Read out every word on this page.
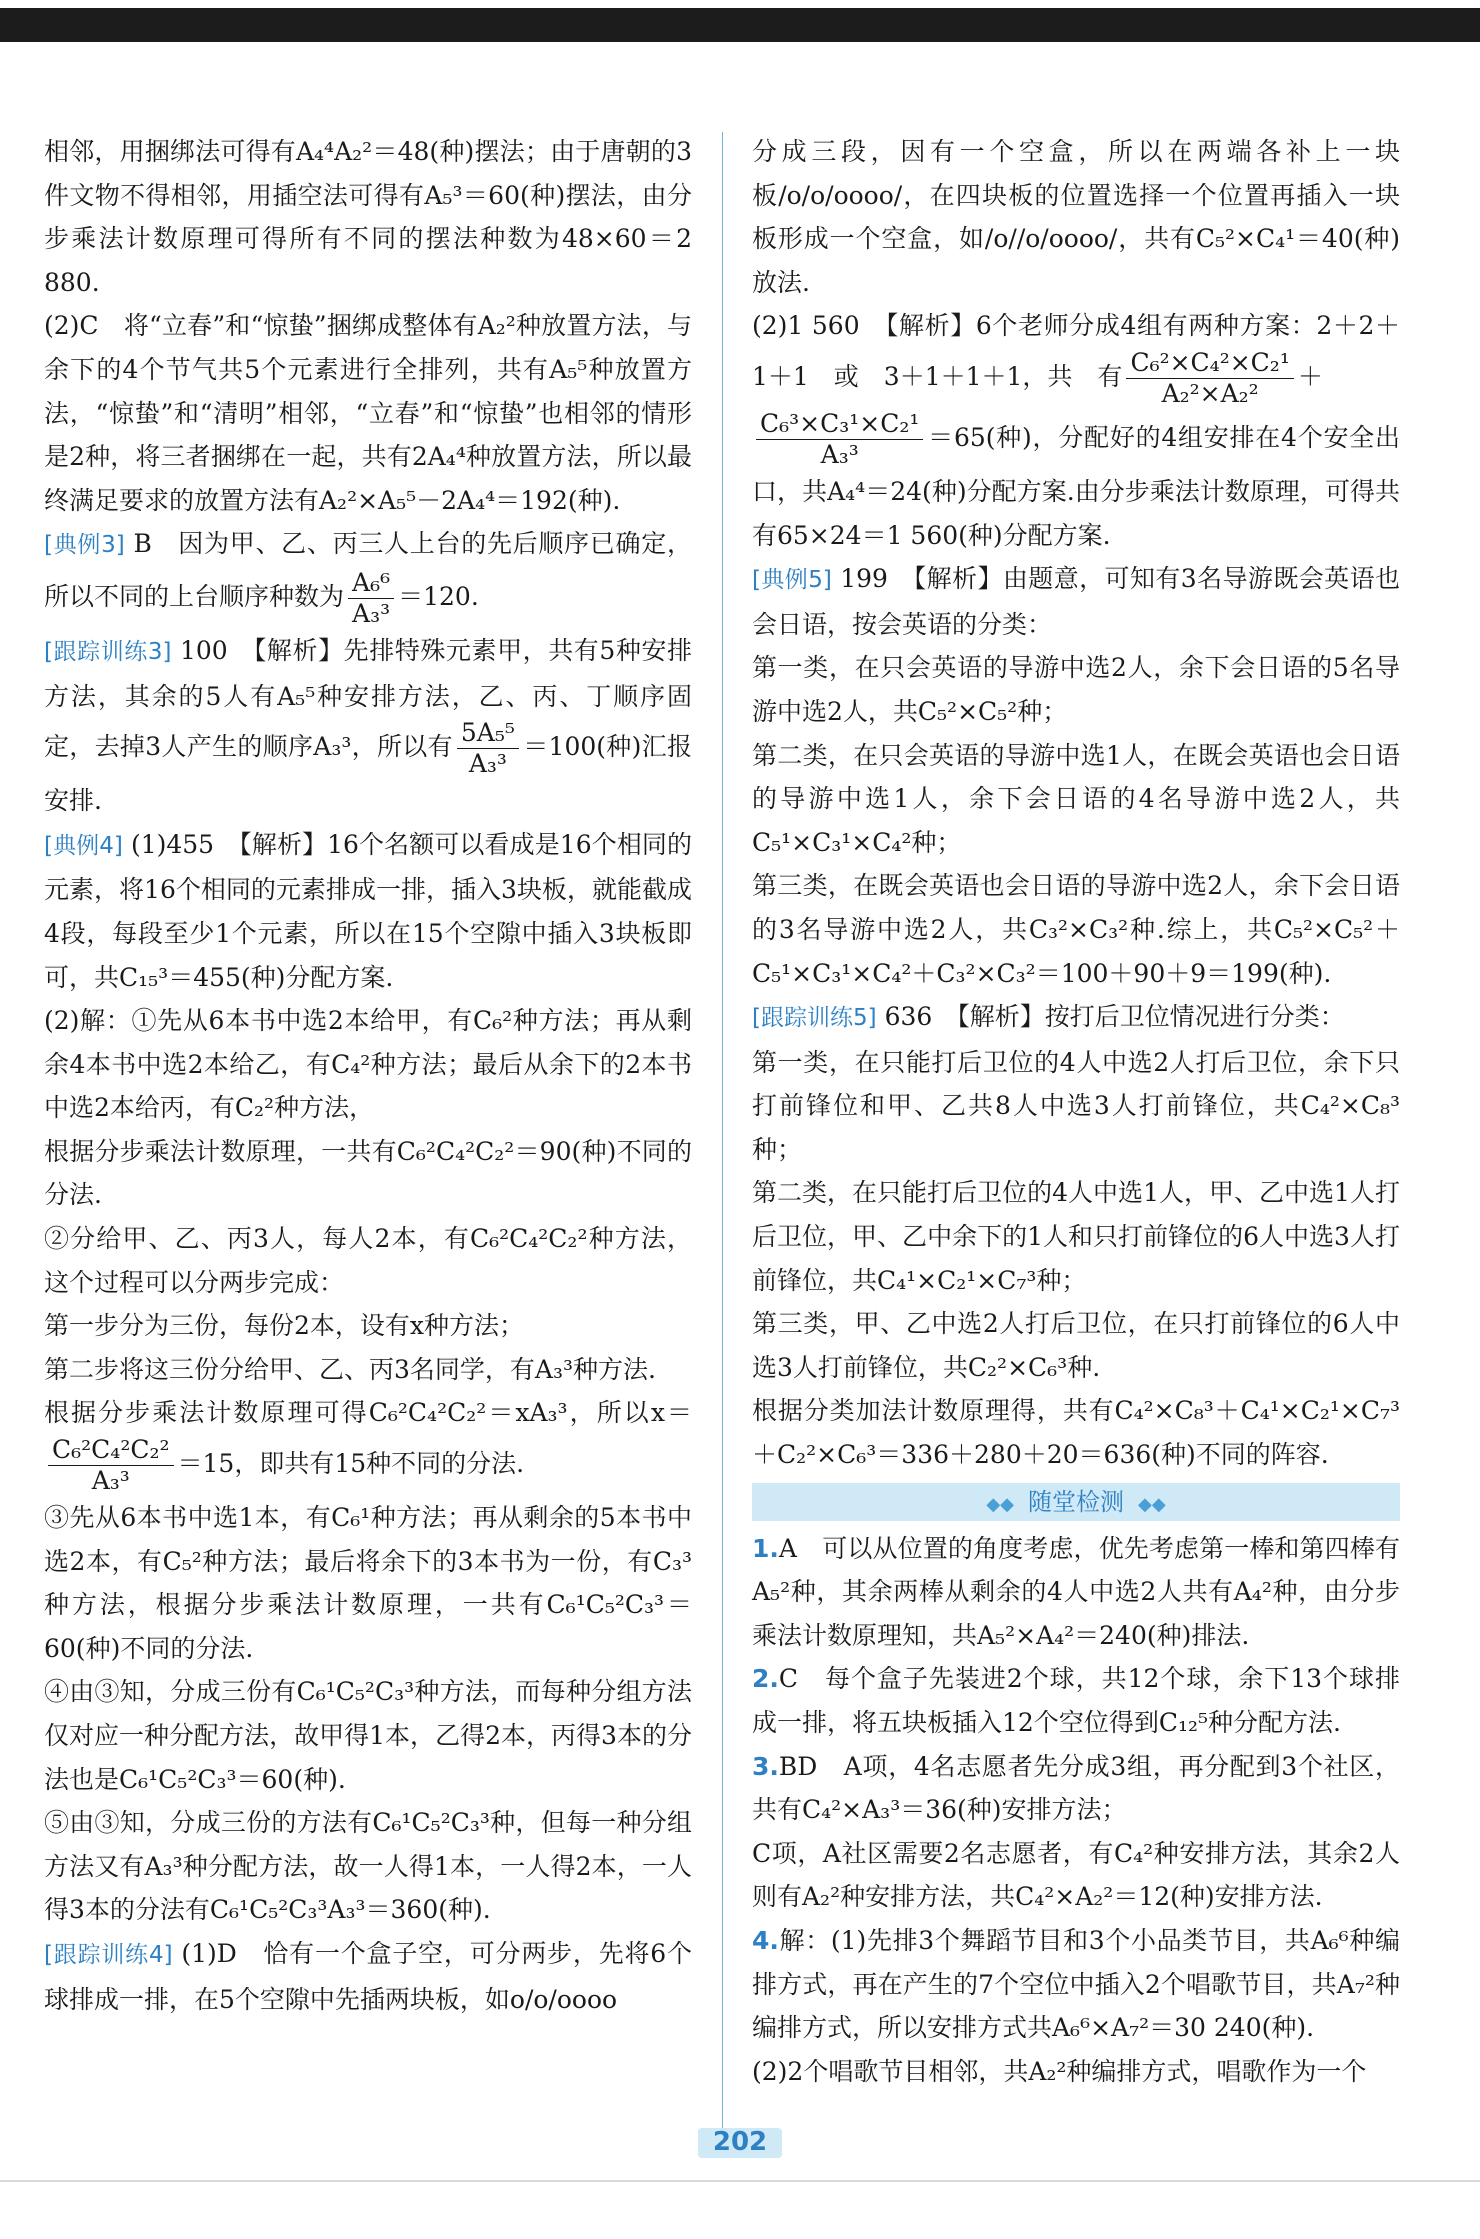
相邻，用捆绑法可得有A₄⁴A₂²＝48(种)摆法；由于唐朝的3件文物不得相邻，用插空法可得有A₅³＝60(种)摆法，由分步乘法计数原理可得所有不同的摆法种数为48×60＝2 880.

(2)C　将“立春”和“惊蛰”捆绑成整体有A₂²种放置方法，与余下的4个节气共5个元素进行全排列，共有A₅⁵种放置方法，“惊蛰”和“清明”相邻，“立春”和“惊蛰”也相邻的情形是2种，将三者捆绑在一起，共有2A₄⁴种放置方法，所以最终满足要求的放置方法有A₂²×A₅⁵－2A₄⁴＝192(种).

[典例3] B　因为甲、乙、丙三人上台的先后顺序已确定，所以不同的上台顺序种数为 $\frac{\text{A₆⁶}}{\text{A₃³}} =120$.

[跟踪训练3] 100　【解析】先排特殊元素甲，共有5种安排方法，其余的5人有A₅⁵种安排方法，乙、丙、丁顺序固定，去掉3人产生的顺序A₃³，所以有 $\frac{\text{5A₅⁵}}{\text{A₃³}} =100$(种)汇报安排.

[典例4] (1)455　【解析】16个名额可以看成是16个相同的元素，将16个相同的元素排成一排，插入3块板，就能截成4段，每段至少1个元素，所以在15个空隙中插入3块板即可，共C₁₅³＝455(种)分配方案.

(2)解：①先从6本书中选2本给甲，有C₆²种方法；再从剩余4本书中选2本给乙，有C₄²种方法；最后从余下的2本书中选2本给丙，有C₂²种方法，

根据分步乘法计数原理，一共有C₆²C₄²C₂²＝90(种)不同的分法.

②分给甲、乙、丙3人，每人2本，有C₆²C₄²C₂²种方法，这个过程可以分两步完成：

第一步分为三份，每份2本，设有x种方法；

第二步将这三份分给甲、乙、丙3名同学，有A₃³种方法.

根据分步乘法计数原理可得C₆²C₄²C₂²＝xA₃³，所以x＝
$\frac{\text{C₆²C₄²C₂²}}{\text{A₃³}} =15$，即共有15种不同的分法.

③先从6本书中选1本，有C₆¹种方法；再从剩余的5本书中选2本，有C₅²种方法；最后将余下的3本书为一份，有C₃³种方法，根据分步乘法计数原理，一共有C₆¹C₅²C₃³＝60(种)不同的分法.

④由③知，分成三份有C₆¹C₅²C₃³种方法，而每种分组方法仅对应一种分配方法，故甲得1本，乙得2本，丙得3本的分法也是C₆¹C₅²C₃³＝60(种).

⑤由③知，分成三份的方法有C₆¹C₅²C₃³种，但每一种分组方法又有A₃³种分配方法，故一人得1本，一人得2本，一人得3本的分法有C₆¹C₅²C₃³A₃³＝360(种).

[跟踪训练4] (1)D　恰有一个盒子空，可分两步，先将6个球排成一排，在5个空隙中先插两块板，如o/o/oooo

分成三段，因有一个空盒，所以在两端各补上一块板/o/o/oooo/，在四块板的位置选择一个位置再插入一块板形成一个空盒，如/o//o/oooo/，共有C₅²×C₄¹＝40(种)放法.

(2)1 560　【解析】6个老师分成4组有两种方案：2＋2＋1＋1　或　3＋1＋1＋1，共　有 $\frac{\text{C₆²×C₄²×C₂¹}}{\text{A₂²×A₂²}}$ ＋

$\frac{\text{C₆³×C₃¹×C₂¹}}{\text{A₃³}} =65$(种)，分配好的4组安排在4个安全出口，共A₄⁴＝24(种)分配方案.由分步乘法计数原理，可得共有65×24＝1 560(种)分配方案.

[典例5] 199　【解析】由题意，可知有3名导游既会英语也会日语，按会英语的分类：

第一类，在只会英语的导游中选2人，余下会日语的5名导游中选2人，共C₅²×C₅²种；

第二类，在只会英语的导游中选1人，在既会英语也会日语的导游中选1人，余下会日语的4名导游中选2人，共C₅¹×C₃¹×C₄²种；

第三类，在既会英语也会日语的导游中选2人，余下会日语的3名导游中选2人，共C₃²×C₃²种.综上，共C₅²×C₅²＋C₅¹×C₃¹×C₄²＋C₃²×C₃²＝100＋90＋9＝199(种).

[跟踪训练5] 636　【解析】按打后卫位情况进行分类：

第一类，在只能打后卫位的4人中选2人打后卫位，余下只打前锋位和甲、乙共8人中选3人打前锋位，共C₄²×C₈³种；

第二类，在只能打后卫位的4人中选1人，甲、乙中选1人打后卫位，甲、乙中余下的1人和只打前锋位的6人中选3人打前锋位，共C₄¹×C₂¹×C₇³种；

第三类，甲、乙中选2人打后卫位，在只打前锋位的6人中选3人打前锋位，共C₂²×C₆³种.

根据分类加法计数原理得，共有C₄²×C₈³＋C₄¹×C₂¹×C₇³＋C₂²×C₆³＝336＋280＋20＝636(种)不同的阵容.

◆◆ 随堂检测 ◆◆

1.A　可以从位置的角度考虑，优先考虑第一棒和第四棒有A₅²种，其余两棒从剩余的4人中选2人共有A₄²种，由分步乘法计数原理知，共A₅²×A₄²＝240(种)排法.

2.C　每个盒子先装进2个球，共12个球，余下13个球排成一排，将五块板插入12个空位得到C₁₂⁵种分配方法.

3.BD　A项，4名志愿者先分成3组，再分配到3个社区，共有C₄²×A₃³＝36(种)安排方法；

C项，A社区需要2名志愿者，有C₄²种安排方法，其余2人则有A₂²种安排方法，共C₄²×A₂²＝12(种)安排方法.

4.解：(1)先排3个舞蹈节目和3个小品类节目，共A₆⁶种编排方式，再在产生的7个空位中插入2个唱歌节目，共A₇²种编排方式，所以安排方式共A₆⁶×A₇²＝30 240(种).

(2)2个唱歌节目相邻，共A₂²种编排方式，唱歌作为一个

202
